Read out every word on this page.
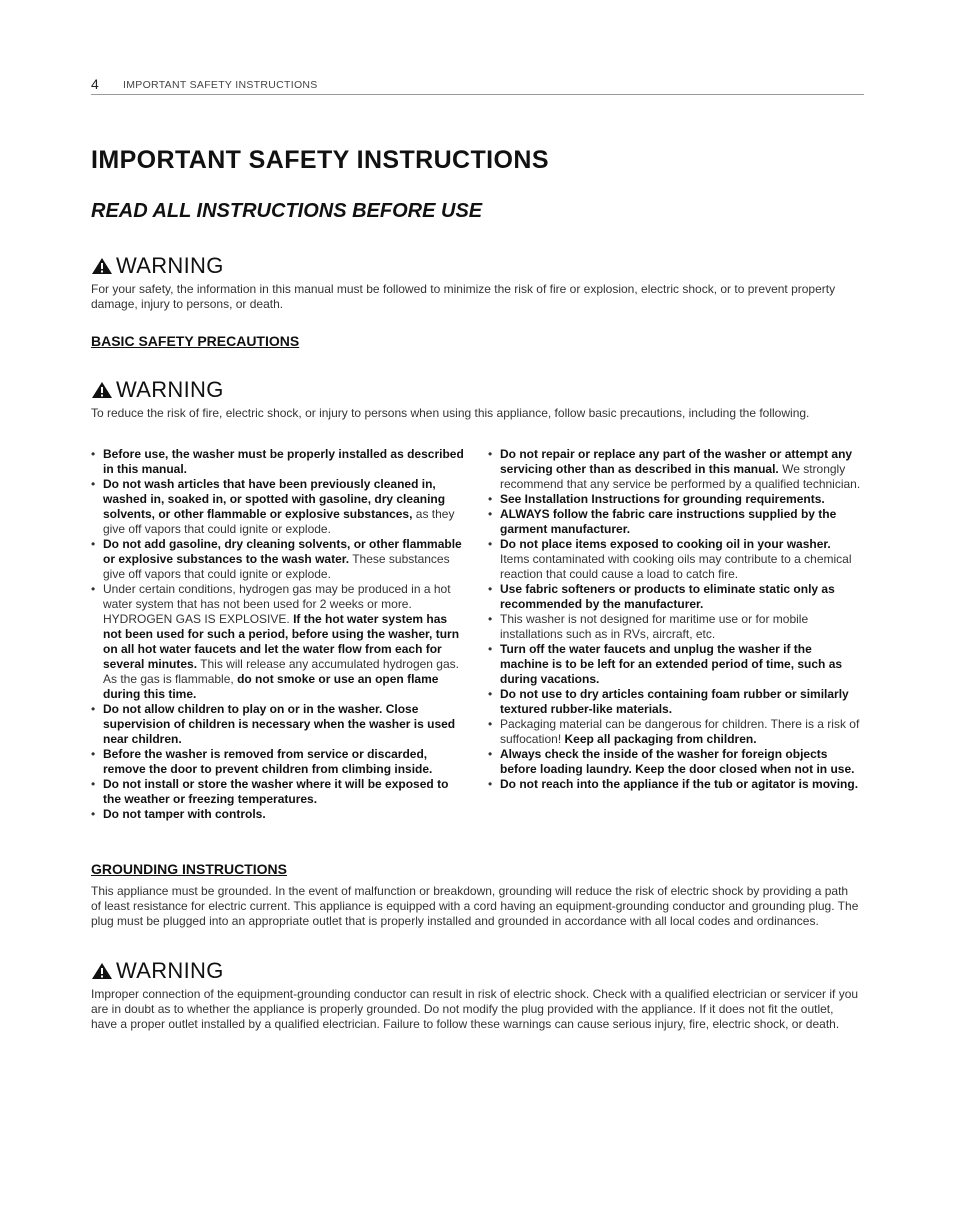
4 IMPORTANT SAFETY INSTRUCTIONS
IMPORTANT SAFETY INSTRUCTIONS
READ ALL INSTRUCTIONS BEFORE USE
WARNING

For your safety, the information in this manual must be followed to minimize the risk of fire or explosion, electric shock, or to prevent property damage, injury to persons, or death.

BASIC SAFETY PRECAUTIONS
WARNING

To reduce the risk of fire, electric shock, or injury to persons when using this appliance, follow basic precautions, including the following.

• Before use, the washer must be properly installed as described in this manual.
• Do not wash articles that have been previously cleaned in, washed in, soaked in, or spotted with gasoline, dry cleaning solvents, or other flammable or explosive substances, as they give off vapors that could ignite or explode.
• Do not add gasoline, dry cleaning solvents, or other flammable or explosive substances to the wash water. These substances give off vapors that could ignite or explode.
• Under certain conditions, hydrogen gas may be produced in a hot water system that has not been used for 2 weeks or more. HYDROGEN GAS IS EXPLOSIVE. If the hot water system has not been used for such a period, before using the washer, turn on all hot water faucets and let the water flow from each for several minutes. This will release any accumulated hydrogen gas. As the gas is flammable, do not smoke or use an open flame during this time.
• Do not allow children to play on or in the washer. Close supervision of children is necessary when the washer is used near children.
• Before the washer is removed from service or discarded, remove the door to prevent children from climbing inside.
• Do not install or store the washer where it will be exposed to the weather or freezing temperatures.
• Do not tamper with controls.
• Do not repair or replace any part of the washer or attempt any servicing other than as described in this manual. We strongly recommend that any service be performed by a qualified technician.
• See Installation Instructions for grounding requirements.
• ALWAYS follow the fabric care instructions supplied by the garment manufacturer.
• Do not place items exposed to cooking oil in your washer. Items contaminated with cooking oils may contribute to a chemical reaction that could cause a load to catch fire.
• Use fabric softeners or products to eliminate static only as recommended by the manufacturer.
• This washer is not designed for maritime use or for mobile installations such as in RVs, aircraft, etc.
• Turn off the water faucets and unplug the washer if the machine is to be left for an extended period of time, such as during vacations.
• Do not use to dry articles containing foam rubber or similarly textured rubber-like materials.
• Packaging material can be dangerous for children. There is a risk of suffocation! Keep all packaging from children.
• Always check the inside of the washer for foreign objects before loading laundry. Keep the door closed when not in use.
• Do not reach into the appliance if the tub or agitator is moving.
GROUNDING INSTRUCTIONS

This appliance must be grounded. In the event of malfunction or breakdown, grounding will reduce the risk of electric shock by providing a path of least resistance for electric current. This appliance is equipped with a cord having an equipment-grounding conductor and grounding plug. The plug must be plugged into an appropriate outlet that is properly installed and grounded in accordance with all local codes and ordinances.

WARNING

Improper connection of the equipment-grounding conductor can result in risk of electric shock. Check with a qualified electrician or servicer if you are in doubt as to whether the appliance is properly grounded. Do not modify the plug provided with the appliance. If it does not fit the outlet, have a proper outlet installed by a qualified electrician. Failure to follow these warnings can cause serious injury, fire, electric shock, or death.
